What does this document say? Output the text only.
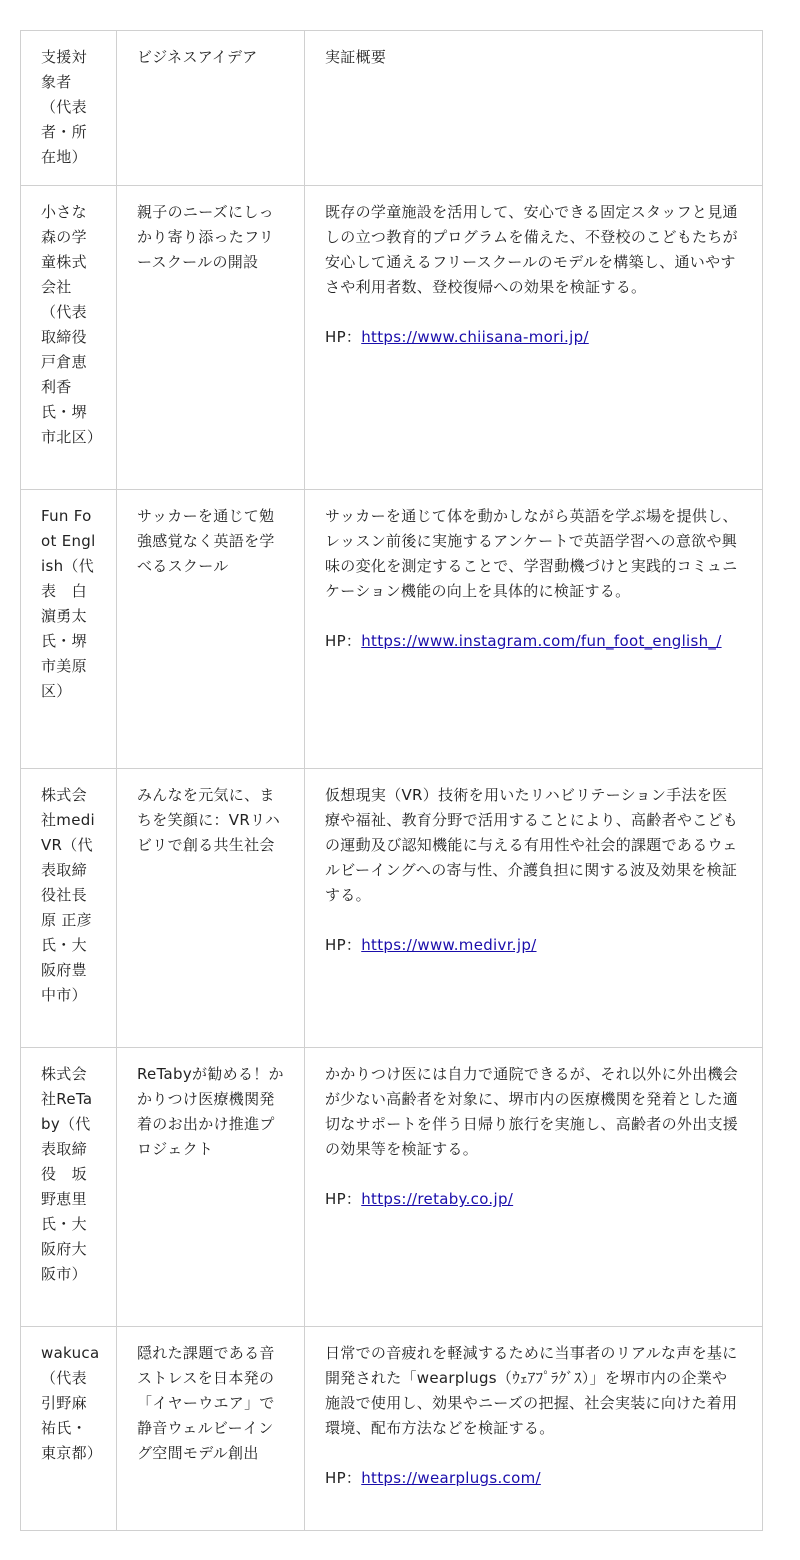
支援対象者（代表者・所在地）	ビジネスアイデア	実証概要
小さな森の学童株式会社（代表取締役　戸倉恵利香氏・堺市北区）	親子のニーズにしっかり寄り添ったフリースクールの開設	既存の学童施設を活用して、安心できる固定スタッフと見通しの立つ教育的プログラムを備えた、不登校のこどもたちが安心して通えるフリースクールのモデルを構築し、通いやすさや利用者数、登校復帰への効果を検証する。
HP：https://www.chiisana-mori.jp/

Fun Foot English（代表　白濵勇太氏・堺市美原区）	サッカーを通じて勉強感覚なく英語を学べるスクール	サッカーを通じて体を動かしながら英語を学ぶ場を提供し、レッスン前後に実施するアンケートで英語学習への意欲や興味の変化を測定することで、学習動機づけと実践的コミュニケーション機能の向上を具体的に検証する。
HP：https://www.instagram.com/fun_foot_english_/

株式会社mediVR（代表取締役社長原 正彦氏・大阪府豊中市）	みんなを元気に、まちを笑顔に：VRリハビリで創る共生社会	仮想現実（VR）技術を用いたリハビリテーション手法を医療や福祉、教育分野で活用することにより、高齢者やこどもの運動及び認知機能に与える有用性や社会的課題であるウェルビーイングへの寄与性、介護負担に関する波及効果を検証する。
HP：https://www.medivr.jp/

株式会社ReTaby（代表取締役　坂野恵里氏・大阪府大阪市）	ReTabyが勧める！かかりつけ医療機関発着のお出かけ推進プロジェクト	かかりつけ医には自力で通院できるが、それ以外に外出機会が少ない高齢者を対象に、堺市内の医療機関を発着とした適切なサポートを伴う日帰り旅行を実施し、高齢者の外出支援の効果等を検証する。
HP：https://retaby.co.jp/

wakuca（代表　引野麻祐氏・東京都）	隠れた課題である音ストレスを日本発の「イヤーウエア」で静音ウェルビーイング空間モデル創出	日常での音疲れを軽減するために当事者のリアルな声を基に開発された「wearplugs（ｳｪｱﾌﾟﾗｸﾞｽ）」を堺市内の企業や施設で使用し、効果やニーズの把握、社会実装に向けた着用環境、配布方法などを検証する。
HP：https://wearplugs.com/
